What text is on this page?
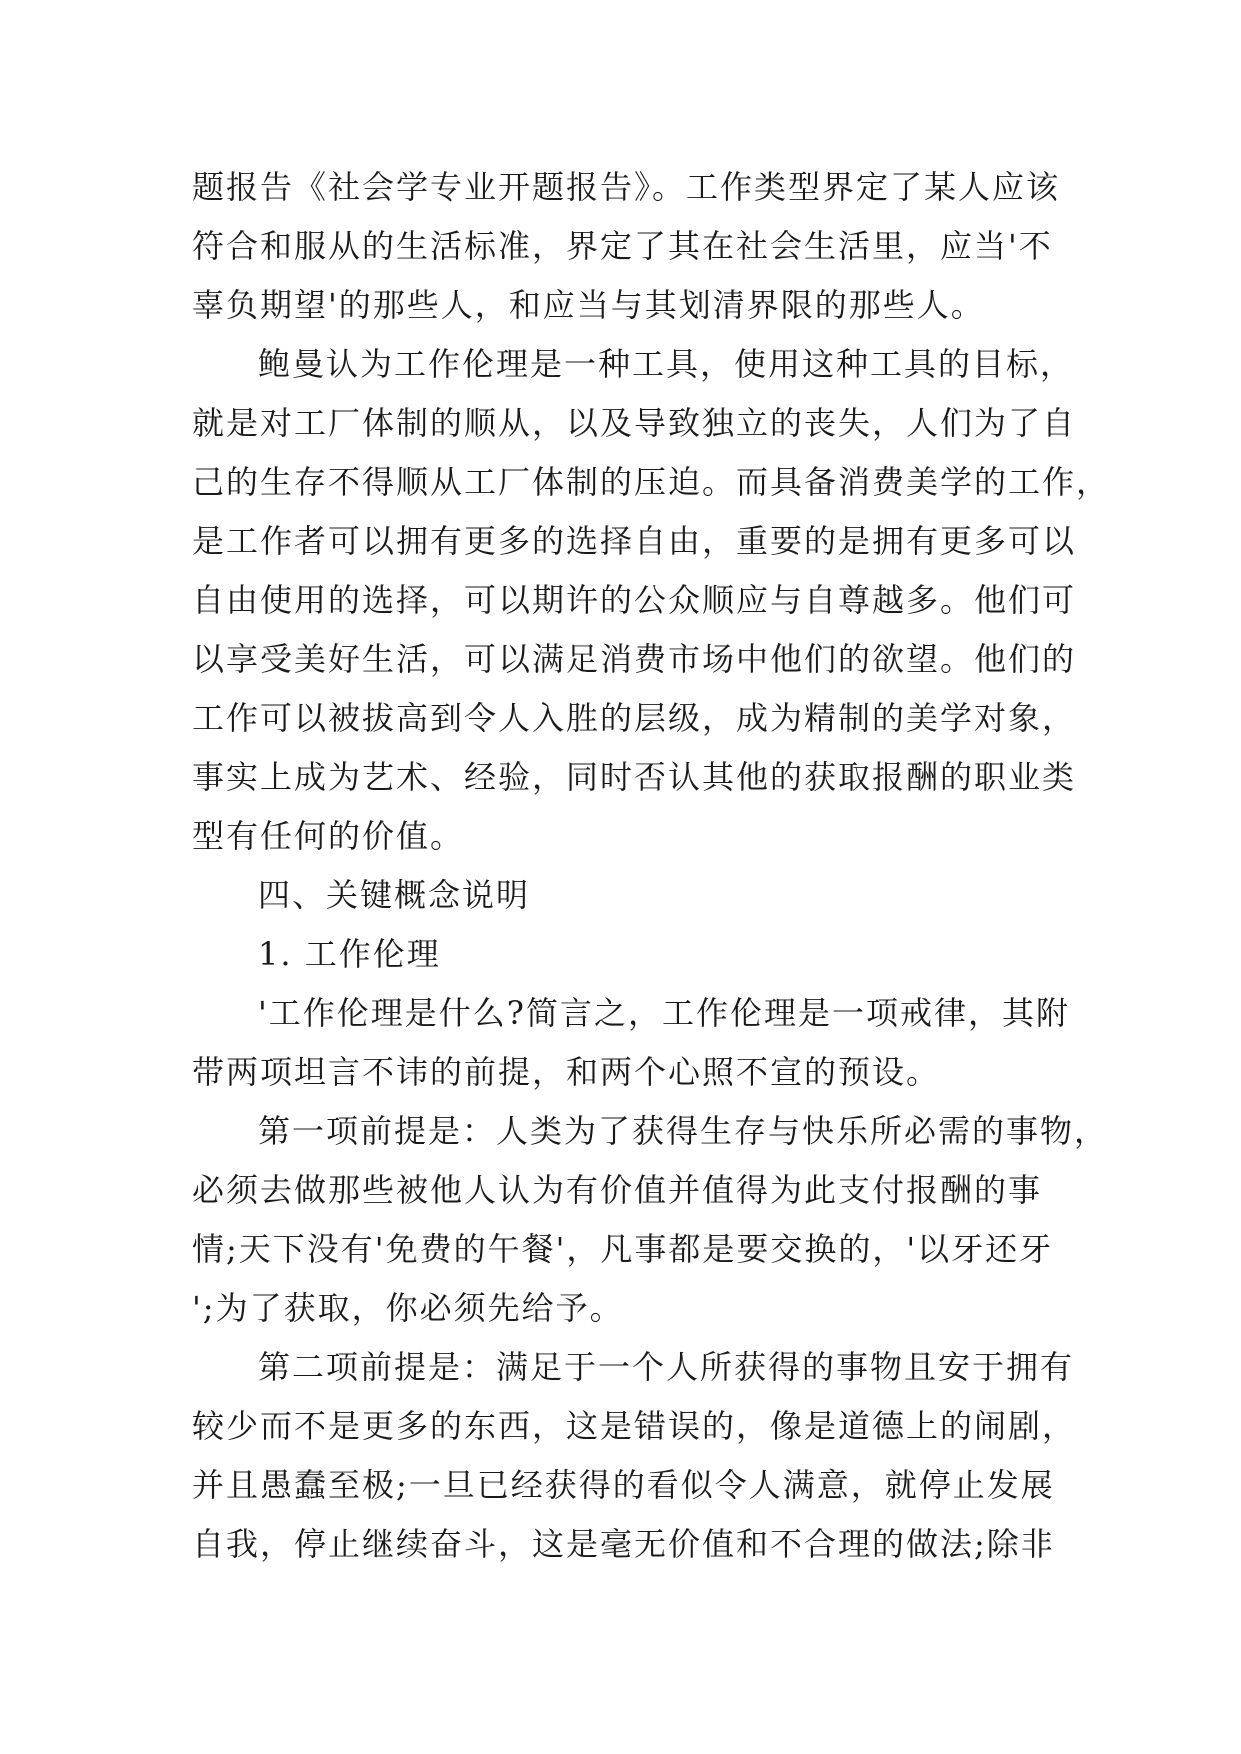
题报告《社会学专业开题报告》。工作类型界定了某人应该
符合和服从的生活标准，界定了其在社会生活里，应当'不
辜负期望'的那些人，和应当与其划清界限的那些人。
鲍曼认为工作伦理是一种工具，使用这种工具的目标，
就是对工厂体制的顺从，以及导致独立的丧失，人们为了自
己的生存不得顺从工厂体制的压迫。而具备消费美学的工作，
是工作者可以拥有更多的选择自由，重要的是拥有更多可以
自由使用的选择，可以期许的公众顺应与自尊越多。他们可
以享受美好生活，可以满足消费市场中他们的欲望。他们的
工作可以被拔高到令人入胜的层级，成为精制的美学对象，
事实上成为艺术、经验，同时否认其他的获取报酬的职业类
型有任何的价值。
四、关键概念说明
1. 工作伦理
'工作伦理是什么?简言之，工作伦理是一项戒律，其附
带两项坦言不讳的前提，和两个心照不宣的预设。
第一项前提是：人类为了获得生存与快乐所必需的事物，
必须去做那些被他人认为有价值并值得为此支付报酬的事
情;天下没有'免费的午餐'，凡事都是要交换的，'以牙还牙
';为了获取，你必须先给予。
第二项前提是：满足于一个人所获得的事物且安于拥有
较少而不是更多的东西，这是错误的，像是道德上的闹剧，
并且愚蠢至极;一旦已经获得的看似令人满意，就停止发展
自我，停止继续奋斗，这是毫无价值和不合理的做法;除非
